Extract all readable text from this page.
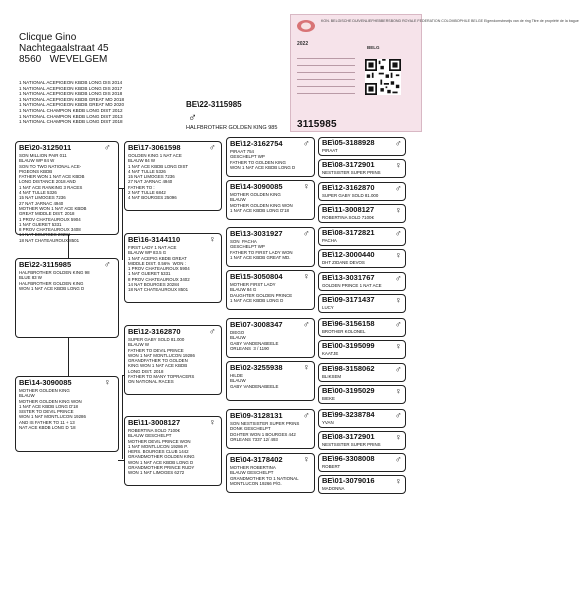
Clicque Gino
Nachtegaalstraat 45
8560 WEVELGEM
1 NATIONAL ACEPIGEON KBDB LONG DIS 2014
1 NATIONAL ACEPIGEON KBDB LONG DIS 2017
1 NATIONAL ACEPIGEON KBDB LONG DIS 2018
1 NATIONAL ACEPIGEON KBDB GREAT MD 2018
1 NATIONAL ACEPIGEON KBDB GREAT MD 2020
1 NATIONAL CHAMPION KBDB LONG DIST 2012
1 NATIONAL CHAMPION KBDB LONG DIST 2013
1 NATIONAL CHAMPION KBDB LONG DIST 2018
BE\22-3115985
♂
HALFBROTHER GOLDEN KING 985
KON. BELGISCHE DUIVENLIEFHEBBERSBOND ROYALE FEDERATION COLOMBOPHILE BELGE Eigendomsbewijs van de ring Titre de propriété de la bague
2022
BELG
3115985
BE\20-3125011	♂
SON MILLION PAIR 011
BLAUW WP 84 W
SON TO TWO NATIONAL ACE-
PIGEONS KBDB
FATHER WON 1 NAT ACE KBDB
LONG DISTANCE 2018 AND
1 NAT ACE RANKING 3 RACES
4 NAT TULLE 5326
15 NAT LIMOGES 7236
27 NAT JARNAC 4940
MOTHER WON 1 NAT ACE KBDB
GREAT MIDDLE DIST. 2018
1 PROV CHATEAUROUX 5904
1 NAT GUERET 5331
8 PROV CHATEAUROUX 3408
14 NAT BOURGES 20284
18 NAT CHATEAUROUX 8501
BE\22-3115985	♂
HALFBROTHER GOLDEN KING 98
BLUE 83 W
HALFBROTHER GOLDEN KING
WON 1 NAT ACE KBDB LONG D
BE\14-3090085	♀
MOTHER GOLDEN KING
BLAUW
MOTHER GOLDEN KING WON
1 NAT ACE KBDB LONG D'18
SISTER TO DEVIL PRINCE
WON 1 NAT MONTLUCON 19286
AND IS FATHER TO 11 + 13
NAT ACE KBDB LONG D '18
BE\17-3061598	♂
GOLDEN KING 1 NAT ACE
BLAUW 84 W
1 NAT ACE KBDB LONG DIST
4 NAT TULLE 5326
15 NAT LIMOGES 7236
27 NAT JARNAC 4940
FATHER TO :
2 NAT TULLE 6842
4 NAT BOURGES 25096
BE\16-3144110	♀
FIRST LADY 1 NAT ACE
BLAUW WP 83.5 G
1 NAT ACEPIG KBDB GREAT
MIDDLE DIST. 0.56%  WON :
1 PROV CHATEAUROUX 5904
1 NAT GUERET 5331
8 PROV CHATEAUROUX 3402
14 NAT BOURGES 20284
18 NAT CHATEAUROUX 8501
BE\12-3162870	♂
SUPER GABY SOLD 81.000
BLAUW W
FATHER TO DEVIL PRINCE
WON 1 NAT MONTLUCON 19286
GRANDFATHER TO GOLDEN
KING WON 1 NAT ACE KBDB
LONG DIST. 2018
FATHER TO MANY TOPRACERS
ON NATIONAL RACES
BE\11-3008127	♀
ROBERTINA SOLD 7100€
BLAUW GESCHELPT
MOTHER DEVIL PRINCE WON
1 NAT MONTLUCON 19286 P.
HERS. BOURGES CLUB 1442
GRANDMOTHER GOLDEN KING
WON 1 NAT ACE KBDB LONG D
GRANDMOTHER PRINCE RUDY
WON 1 NAT LIMOGES 6272
BE\12-3162754 ♂
PIRAAT 754
GESCHELPT WP
FATHER TO GOLDEN KING
WON 1 NAT ACE KBDB LONG D
BE\14-3090085 ♀
MOTHER GOLDEN KING
BLAUW
MOTHER GOLDEN KING WON
1 NAT ACE KBDB LONG D'18
BE\13-3031927 ♂
SON  PACHA
GESCHELPT WP
FATHER TO FIRST LADY WON
1 NAT ACE KBDB GREAT MD.
BE\15-3050804 ♀
MOTHER FIRST LADY
BLAUW 84 G
DAUGHTER GOLDEN PRINCE
1 NAT ACE KBDB LONG D
BE\07-3008347 ♂
DIEGO
BLAUW
GABY VANDENABEELE
ORLEANS  3 / 1190
BE\02-3255938 ♀
HILDE
BLAUW
GABY VANDENABEELE
BE\09-3128131 ♂
SON NESTSISTER SUPER PRINS
DONK GESCHELPT
DGHTER WON 1 BOURGES 442
ORLEANS 7337 12/ 493
BE\04-3178402 ♀
MOTHER ROBERTINA
BLAUW GESCHELPT
GRANDMOTHER TO 1 NATIONAL
MONTLUCON 19266 P/G.
BE\05-3188928 ♂
PIRAAT
BE\08-3172901 ♀
NESTSISTER SUPER PRINS
BE\12-3162870 ♂
SUPER GABY SOLD 81.000
BE\11-3008127 ♀
ROBERTINA SOLD 7100€
BE\08-3172821 ♂
PACHA
BE\12-3000440 ♀
DHT ZIDANE DEVOS
BE\13-3031767 ♂
GOLDEN PRINCE 1 NAT ACE
BE\09-3171437 ♀
LUCY
BE\96-3156158 ♂
BROTHER KOLONEL
BE\00-3195099 ♀
KAATJE
BE\98-3158062 ♂
BLIKSEM
BE\00-3195029 ♀
BIEKE
BE\99-3238784 ♂
YVAN
BE\08-3172901 ♀
NESTSISTER SUPER PRINS
BE\96-3308008 ♂
ROBERT
BE\01-3079016 ♀
MADONNA
